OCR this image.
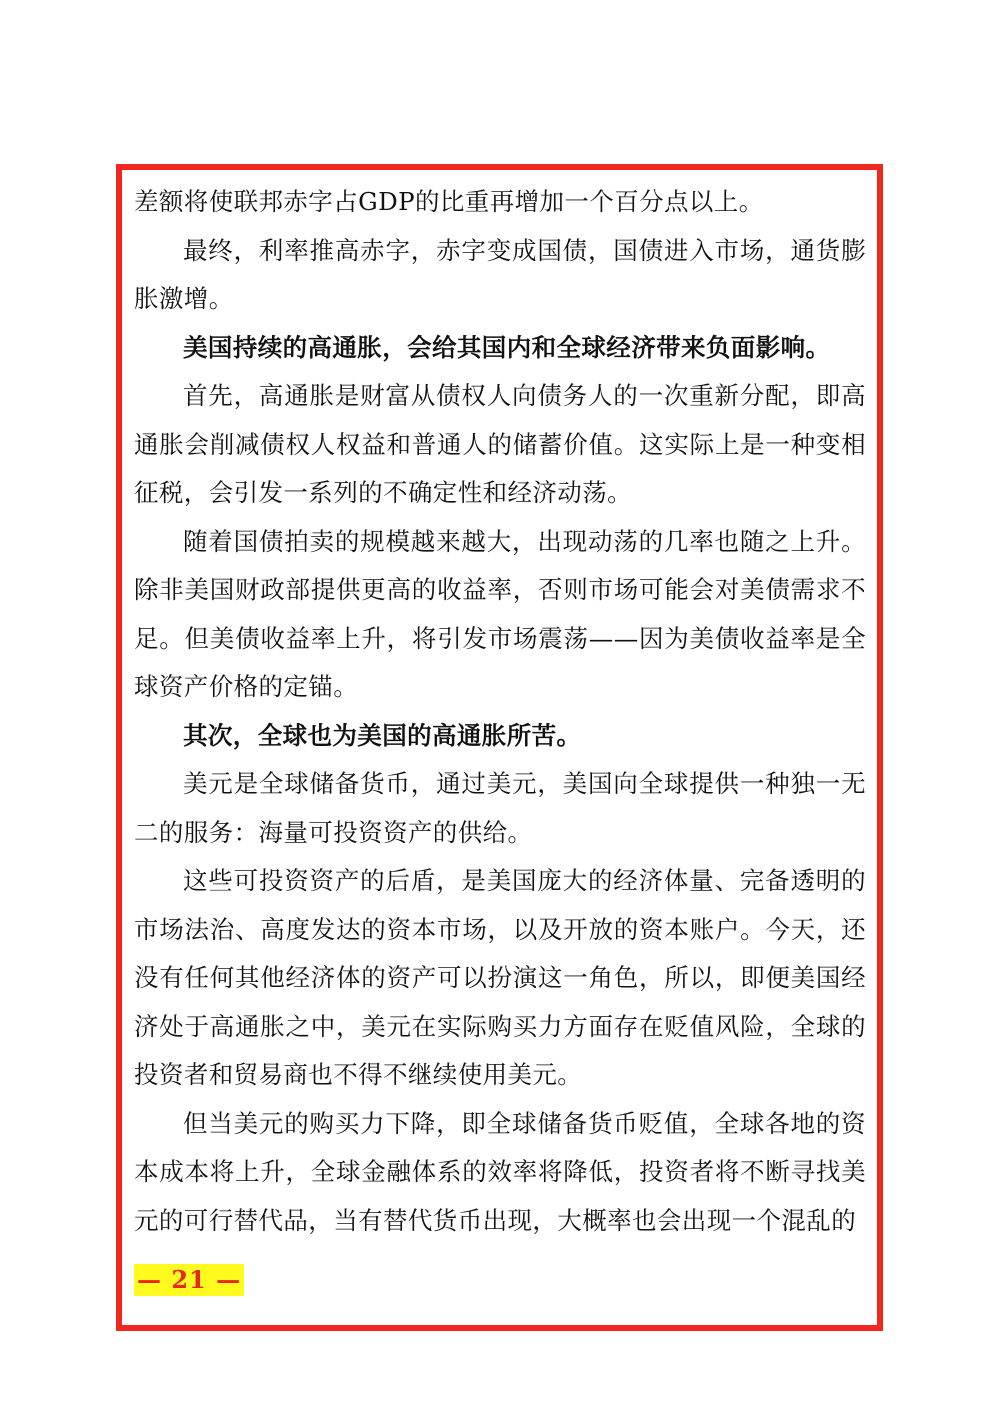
差额将使联邦赤字占GDP的比重再增加一个百分点以上。

最终，利率推高赤字，赤字变成国债，国债进入市场，通货膨胀激增。

美国持续的高通胀，会给其国内和全球经济带来负面影响。

首先，高通胀是财富从债权人向债务人的一次重新分配，即高通胀会削减债权人权益和普通人的储蓄价值。这实际上是一种变相征税，会引发一系列的不确定性和经济动荡。

随着国债拍卖的规模越来越大，出现动荡的几率也随之上升。除非美国财政部提供更高的收益率，否则市场可能会对美债需求不足。但美债收益率上升，将引发市场震荡——因为美债收益率是全球资产价格的定锚。

其次，全球也为美国的高通胀所苦。

美元是全球储备货币，通过美元，美国向全球提供一种独一无二的服务：海量可投资资产的供给。

这些可投资资产的后盾，是美国庞大的经济体量、完备透明的市场法治、高度发达的资本市场，以及开放的资本账户。今天，还没有任何其他经济体的资产可以扮演这一角色，所以，即便美国经济处于高通胀之中，美元在实际购买力方面存在贬值风险，全球的投资者和贸易商也不得不继续使用美元。

但当美元的购买力下降，即全球储备货币贬值，全球各地的资本成本将上升，全球金融体系的效率将降低，投资者将不断寻找美元的可行替代品，当有替代货币出现，大概率也会出现一个混乱的

— 21 —
